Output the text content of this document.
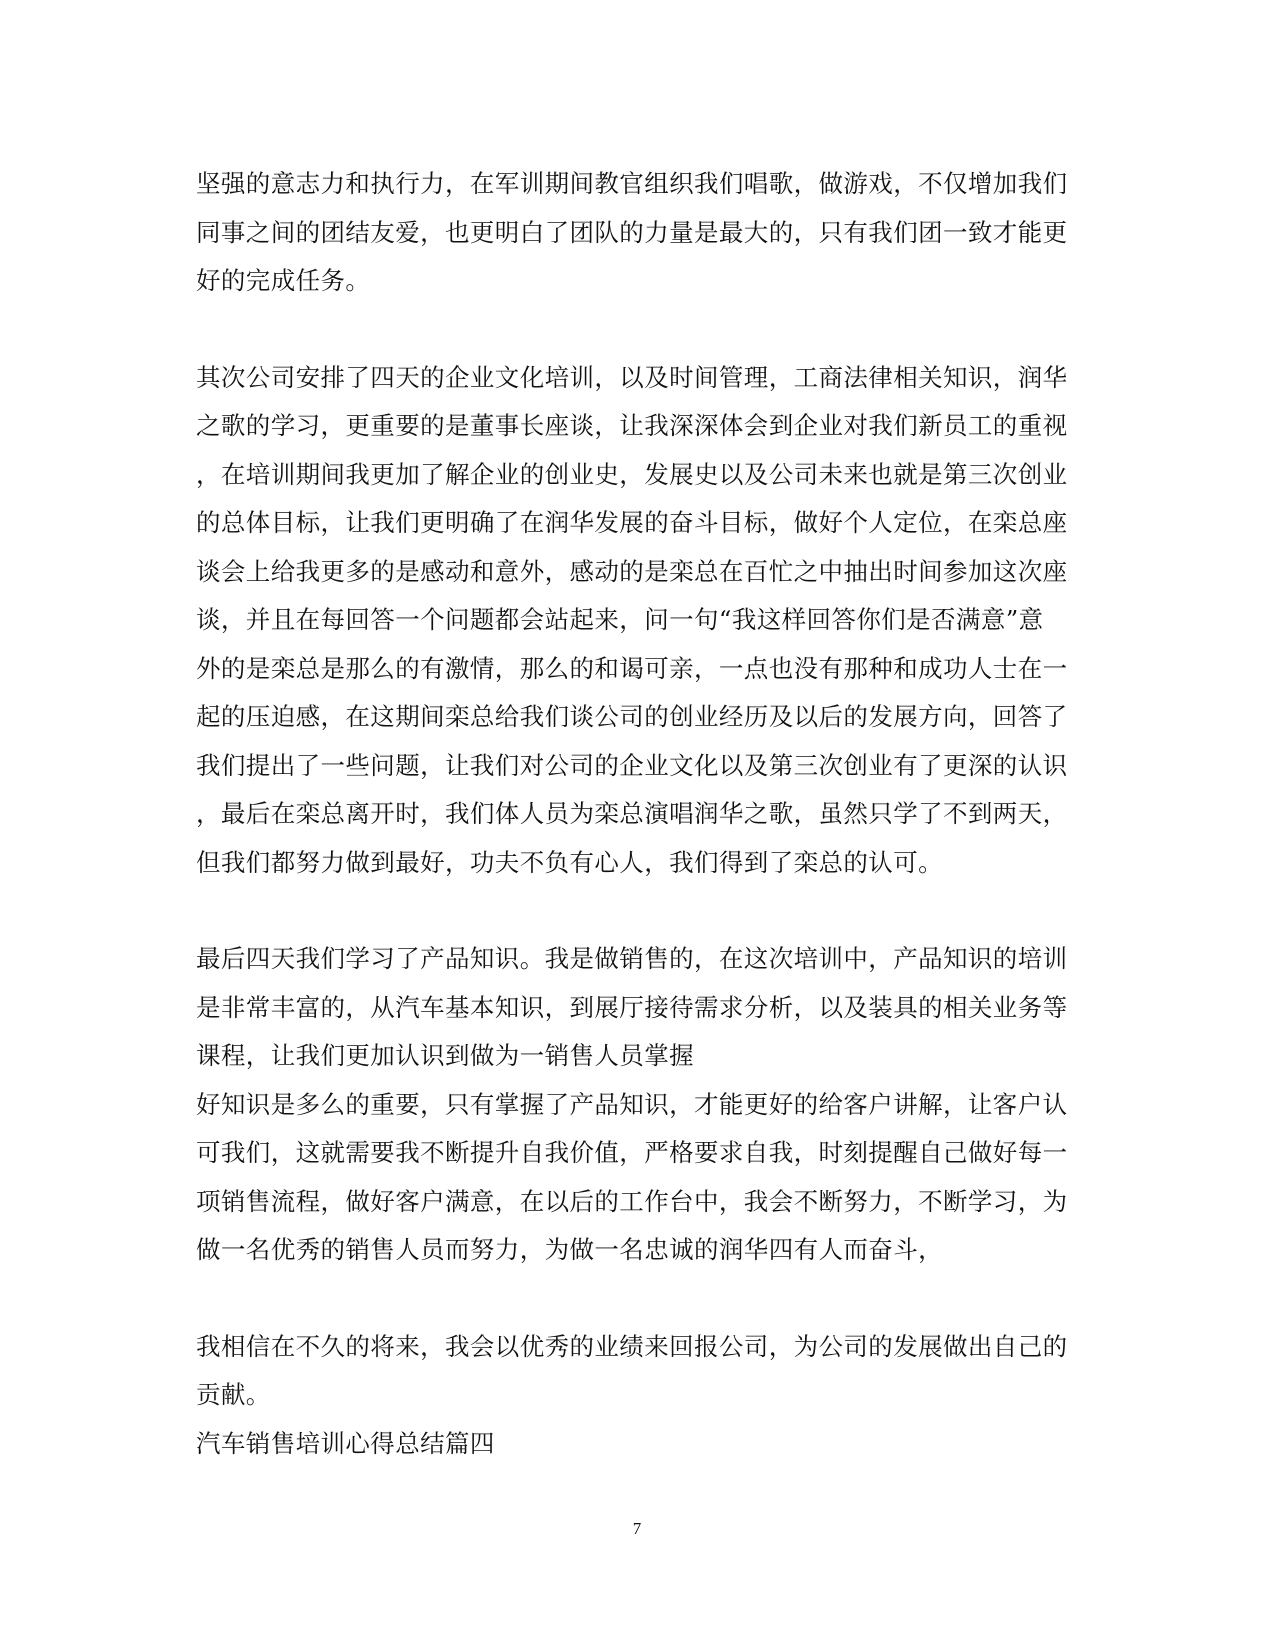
坚强的意志力和执行力，在军训期间教官组织我们唱歌，做游戏，不仅增加我们
同事之间的团结友爱，也更明白了团队的力量是最大的，只有我们团一致才能更
好的完成任务。
其次公司安排了四天的企业文化培训，以及时间管理，工商法律相关知识，润华
之歌的学习，更重要的是董事长座谈，让我深深体会到企业对我们新员工的重视
，在培训期间我更加了解企业的创业史，发展史以及公司未来也就是第三次创业
的总体目标，让我们更明确了在润华发展的奋斗目标，做好个人定位，在栾总座
谈会上给我更多的是感动和意外，感动的是栾总在百忙之中抽出时间参加这次座
谈，并且在每回答一个问题都会站起来，问一句“我这样回答你们是否满意”意
外的是栾总是那么的有激情，那么的和谒可亲，一点也没有那种和成功人士在一
起的压迫感，在这期间栾总给我们谈公司的创业经历及以后的发展方向，回答了
我们提出了一些问题，让我们对公司的企业文化以及第三次创业有了更深的认识
，最后在栾总离开时，我们体人员为栾总演唱润华之歌，虽然只学了不到两天，
但我们都努力做到最好，功夫不负有心人，我们得到了栾总的认可。
最后四天我们学习了产品知识。我是做销售的，在这次培训中，产品知识的培训
是非常丰富的，从汽车基本知识，到展厅接待需求分析，以及装具的相关业务等
课程，让我们更加认识到做为一销售人员掌握
好知识是多么的重要，只有掌握了产品知识，才能更好的给客户讲解，让客户认
可我们，这就需要我不断提升自我价值，严格要求自我，时刻提醒自己做好每一
项销售流程，做好客户满意，在以后的工作台中，我会不断努力，不断学习，为
做一名优秀的销售人员而努力，为做一名忠诚的润华四有人而奋斗，
我相信在不久的将来，我会以优秀的业绩来回报公司，为公司的发展做出自己的
贡献。
汽车销售培训心得总结篇四
7
